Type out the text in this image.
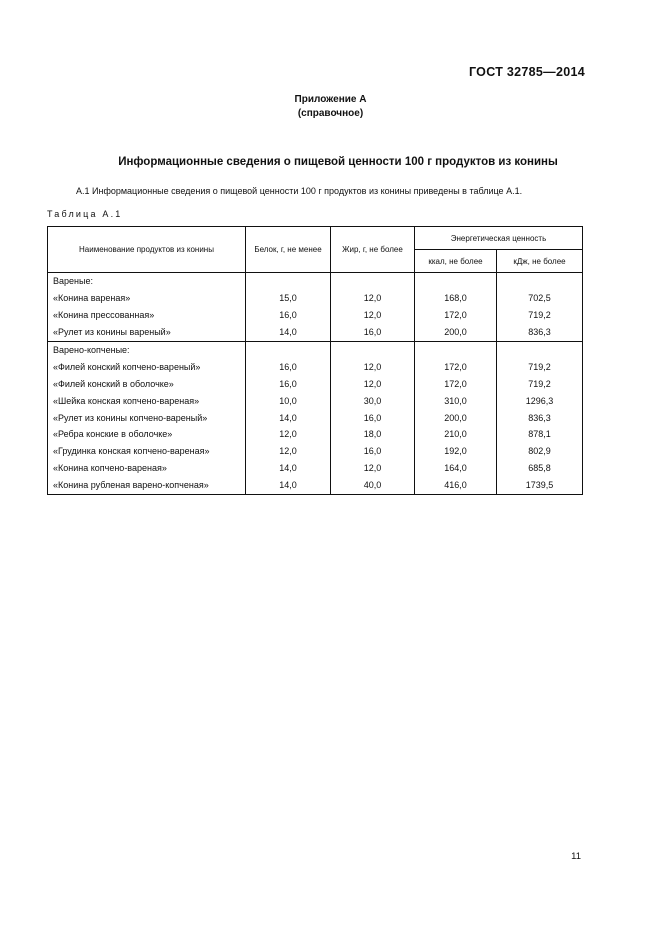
ГОСТ 32785—2014
Приложение А
(справочное)
Информационные сведения о пищевой ценности 100 г продуктов из конины
А.1 Информационные сведения о пищевой ценности 100 г продуктов из конины приведены в таблице А.1.
Таблица А.1
Наименование продуктов из конины	Белок, г, не менее	Жир, г, не более	Энергетическая ценность	
			ккал, не более	кДж, не более
Вареные:				
«Конина вареная»	15,0	12,0	168,0	702,5
«Конина прессованная»	16,0	12,0	172,0	719,2
«Рулет из конины вареный»	14,0	16,0	200,0	836,3
Варено-копченые:				
«Филей конский копчено-вареный»	16,0	12,0	172,0	719,2
«Филей конский в оболочке»	16,0	12,0	172,0	719,2
«Шейка конская копчено-вареная»	10,0	30,0	310,0	1296,3
«Рулет из конины копчено-вареный»	14,0	16,0	200,0	836,3
«Ребра конские в оболочке»	12,0	18,0	210,0	878,1
«Грудинка конская копчено-вареная»	12,0	16,0	192,0	802,9
«Конина копчено-вареная»	14,0	12,0	164,0	685,8
«Конина рубленая варено-копченая»	14,0	40,0	416,0	1739,5
11
